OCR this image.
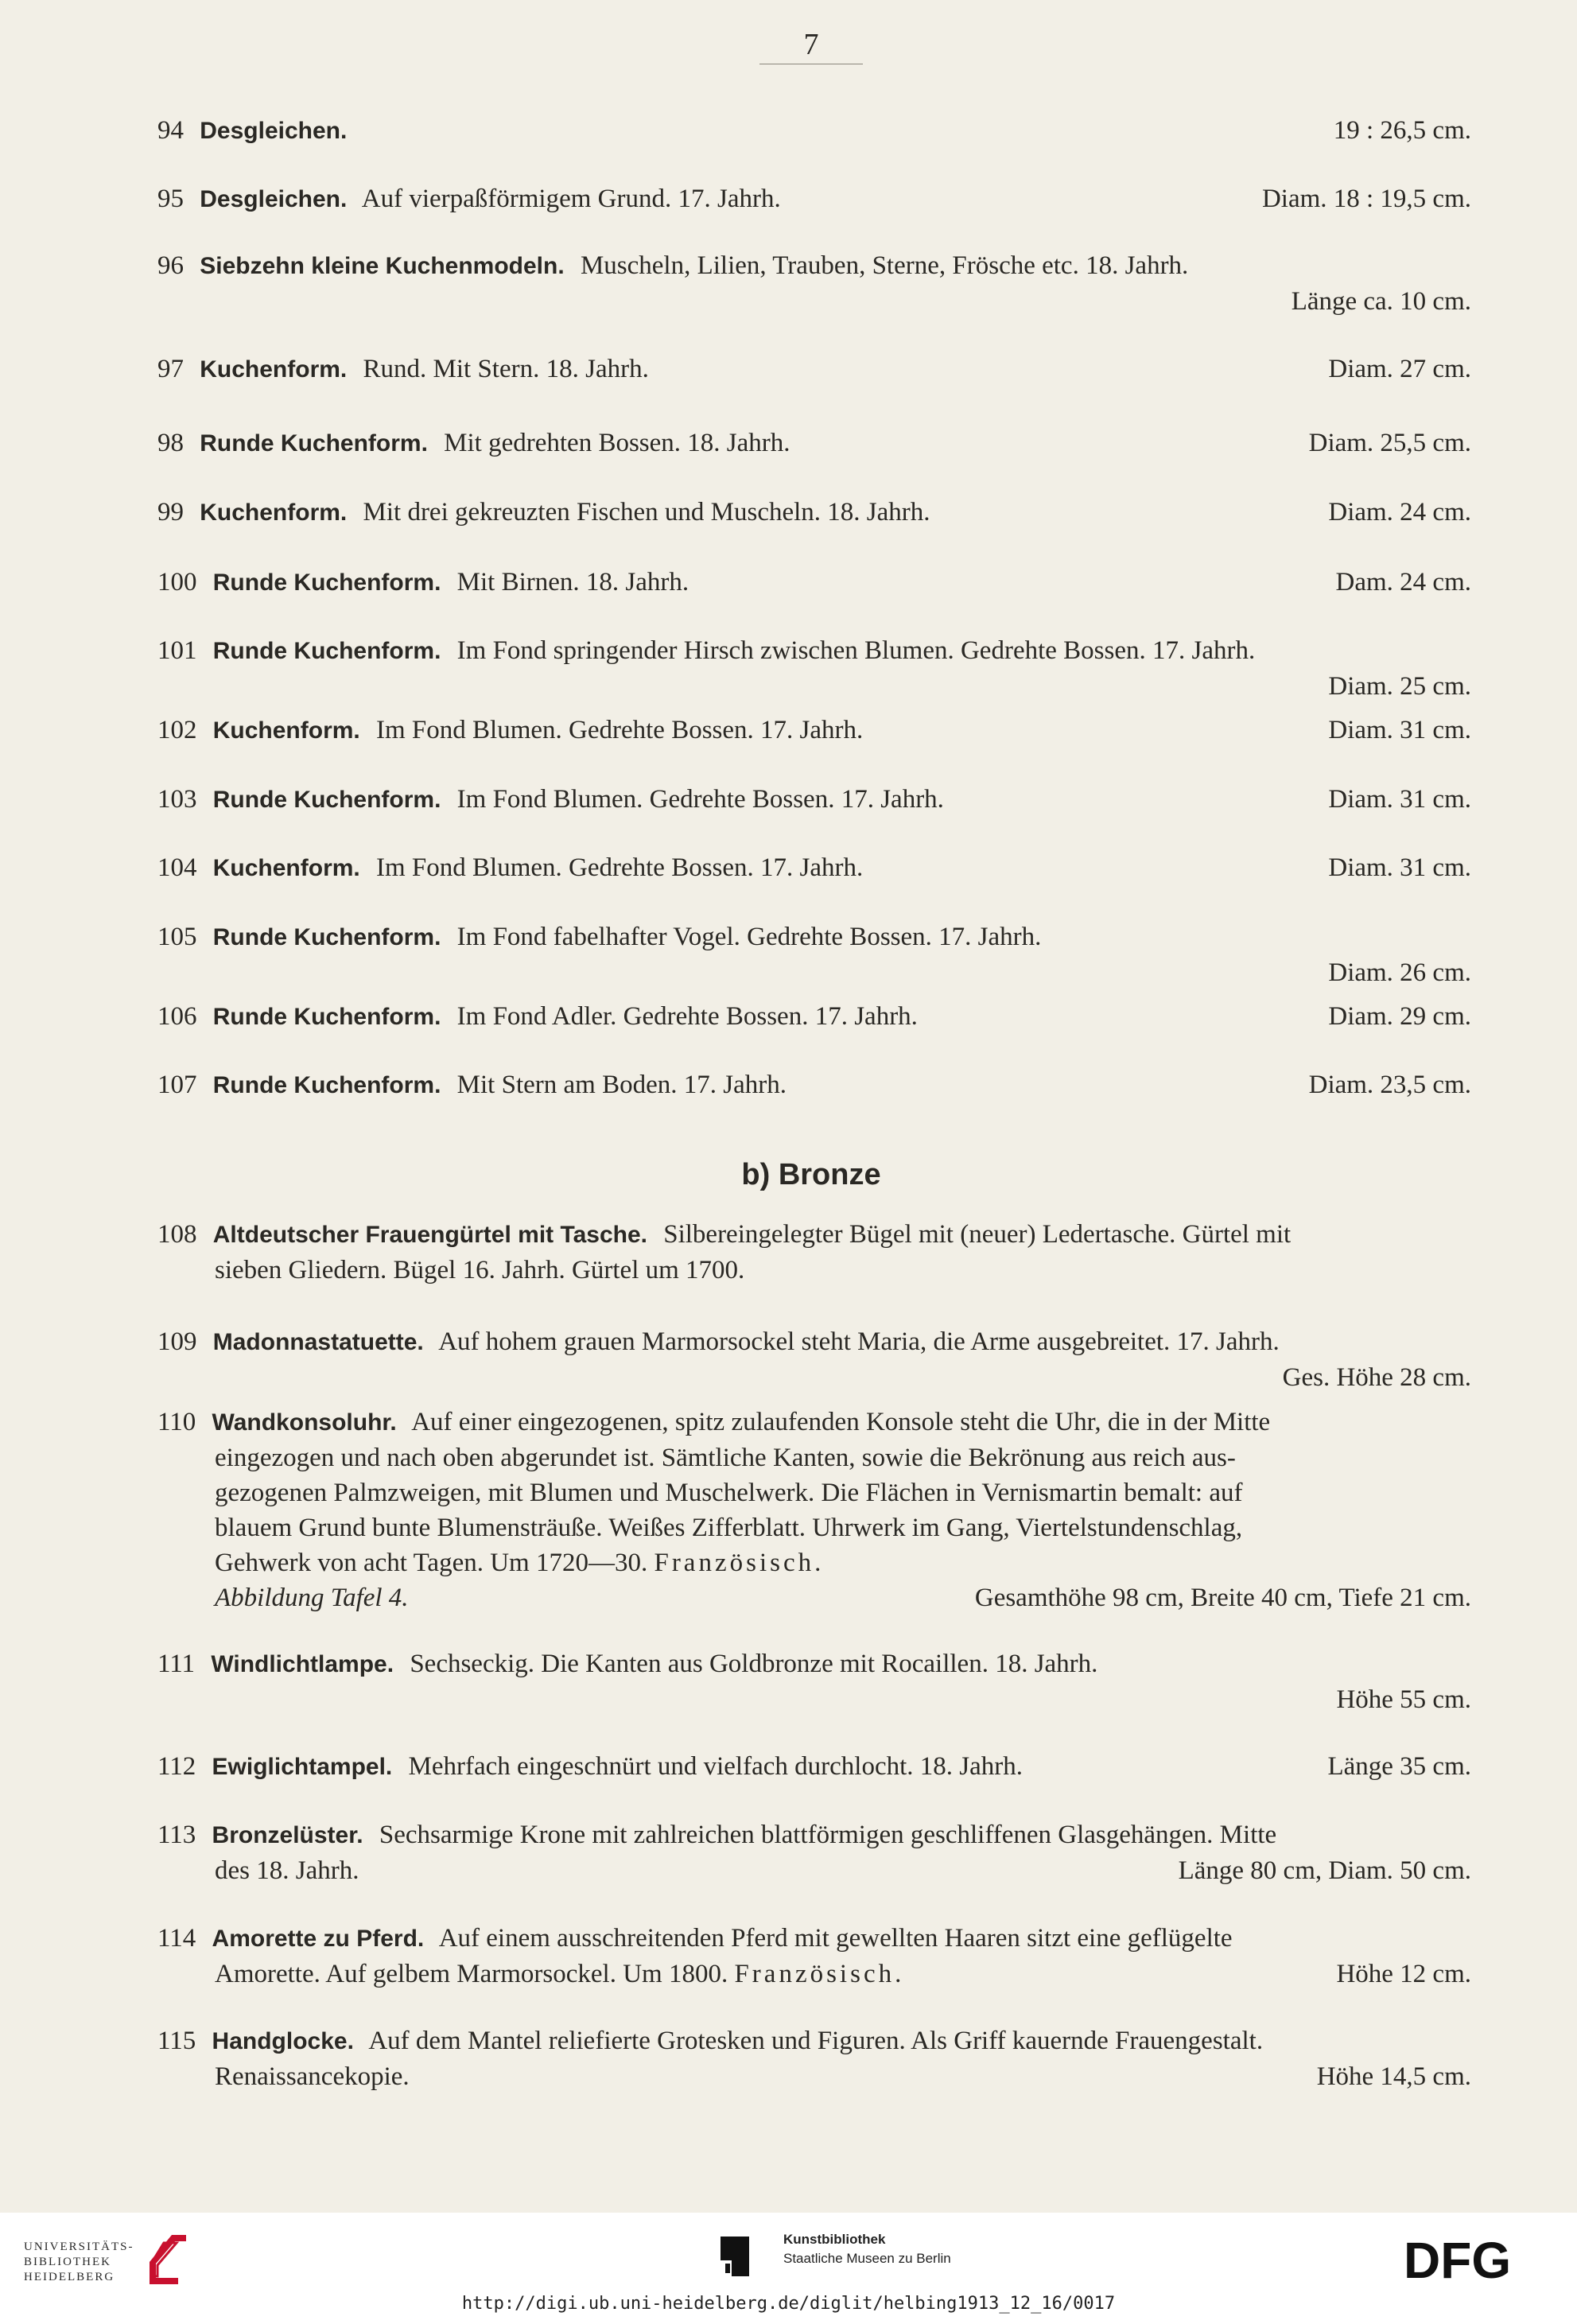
7
94 Desgleichen.	19 : 26,5 cm.
95 Desgleichen. Auf vierpaßförmigem Grund. 17. Jahrh.	Diam. 18 : 19,5 cm.
96 Siebzehn kleine Kuchenmodeln. Muscheln, Lilien, Trauben, Sterne, Frösche etc. 18. Jahrh.
Länge ca. 10 cm.
97 Kuchenform. Rund. Mit Stern. 18. Jahrh.	Diam. 27 cm.
98 Runde Kuchenform. Mit gedrehten Bossen. 18. Jahrh.	Diam. 25,5 cm.
99 Kuchenform. Mit drei gekreuzten Fischen und Muscheln. 18. Jahrh.	Diam. 24 cm.
100 Runde Kuchenform. Mit Birnen. 18. Jahrh.	Dam. 24 cm.
101 Runde Kuchenform. Im Fond springender Hirsch zwischen Blumen. Gedrehte Bossen. 17. Jahrh.
Diam. 25 cm.
102 Kuchenform. Im Fond Blumen. Gedrehte Bossen. 17. Jahrh.	Diam. 31 cm.
103 Runde Kuchenform. Im Fond Blumen. Gedrehte Bossen. 17. Jahrh.	Diam. 31 cm.
104 Kuchenform. Im Fond Blumen. Gedrehte Bossen. 17. Jahrh.	Diam. 31 cm.
105 Runde Kuchenform. Im Fond fabelhafter Vogel. Gedrehte Bossen. 17. Jahrh.
Diam. 26 cm.
106 Runde Kuchenform. Im Fond Adler. Gedrehte Bossen. 17. Jahrh.	Diam. 29 cm.
107 Runde Kuchenform. Mit Stern am Boden. 17. Jahrh.	Diam. 23,5 cm.
b) Bronze
108 Altdeutscher Frauengürtel mit Tasche. Silbereingelegter Bügel mit (neuer) Ledertasche. Gürtel mit
sieben Gliedern. Bügel 16. Jahrh. Gürtel um 1700.
109 Madonnastatuette. Auf hohem grauen Marmorsockel steht Maria, die Arme ausgebreitet. 17. Jahrh.
Ges. Höhe 28 cm.
110 Wandkonsoluhr. Auf einer eingezogenen, spitz zulaufenden Konsole steht die Uhr, die in der Mitte
eingezogen und nach oben abgerundet ist. Sämtliche Kanten, sowie die Bekrönung aus reich aus-
gezogenen Palmzweigen, mit Blumen und Muschelwerk. Die Flächen in Vernismartin bemalt: auf
blauem Grund bunte Blumensträuße. Weißes Zifferblatt. Uhrwerk im Gang, Viertelstundenschlag,
Gehwerk von acht Tagen. Um 1720—30. Französisch.
Abbildung Tafel 4.	Gesamthöhe 98 cm, Breite 40 cm, Tiefe 21 cm.
111 Windlichtlampe. Sechseckig. Die Kanten aus Goldbronze mit Rocaillen. 18. Jahrh.
Höhe 55 cm.
112 Ewiglichtampel. Mehrfach eingeschnürt und vielfach durchlocht. 18. Jahrh.	Länge 35 cm.
113 Bronzelüster. Sechsarmige Krone mit zahlreichen blattförmigen geschliffenen Glasgehängen. Mitte
des 18. Jahrh.	Länge 80 cm, Diam. 50 cm.
114 Amorette zu Pferd. Auf einem ausschreitenden Pferd mit gewellten Haaren sitzt eine geflügelte
Amorette. Auf gelbem Marmorsockel. Um 1800. Französisch.	Höhe 12 cm.
115 Handglocke. Auf dem Mantel reliefierte Grotesken und Figuren. Als Griff kauernde Frauengestalt.
Renaissancekopie.	Höhe 14,5 cm.
UNIVERSITÄTS-
BIBLIOTHEK
HEIDELBERG
Kunstbibliothek
Staatliche Museen zu Berlin	DFG
http://digi.ub.uni-heidelberg.de/diglit/helbing1913_12_16/0017
